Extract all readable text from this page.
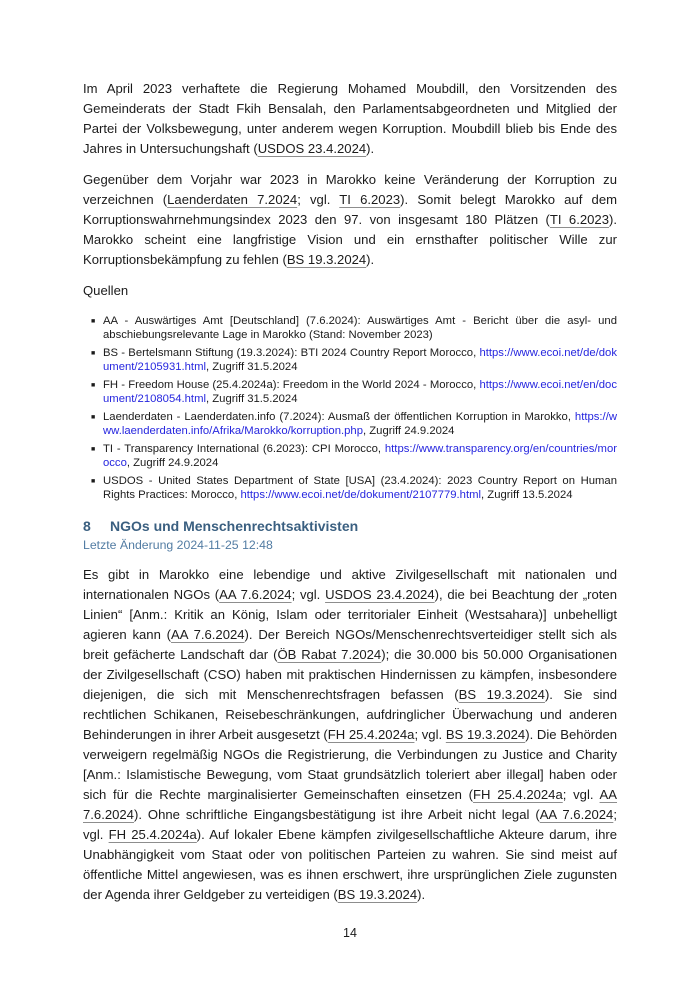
Im April 2023 verhaftete die Regierung Mohamed Moubdill, den Vorsitzenden des Gemeinderats der Stadt Fkih Bensalah, den Parlamentsabgeordneten und Mitglied der Partei der Volksbewegung, unter anderem wegen Korruption. Moubdill blieb bis Ende des Jahres in Untersuchungshaft (USDOS 23.4.2024).

Gegenüber dem Vorjahr war 2023 in Marokko keine Veränderung der Korruption zu verzeichnen (Laenderdaten 7.2024; vgl. TI 6.2023). Somit belegt Marokko auf dem Korruptionswahrnehmungsindex 2023 den 97. von insgesamt 180 Plätzen (TI 6.2023). Marokko scheint eine langfristige Vision und ein ernsthafter politischer Wille zur Korruptionsbekämpfung zu fehlen (BS 19.3.2024).

Quellen
■ AA - Auswärtiges Amt [Deutschland] (7.6.2024): Auswärtiges Amt - Bericht über die asyl- und abschiebungsrelevante Lage in Marokko (Stand: November 2023)
■ BS - Bertelsmann Stiftung (19.3.2024): BTI 2024 Country Report Morocco, https://www.ecoi.net/de/dokument/2105931.html, Zugriff 31.5.2024
■ FH - Freedom House (25.4.2024a): Freedom in the World 2024 - Morocco, https://www.ecoi.net/en/document/2108054.html, Zugriff 31.5.2024
■ Laenderdaten - Laenderdaten.info (7.2024): Ausmaß der öffentlichen Korruption in Marokko, https://www.laenderdaten.info/Afrika/Marokko/korruption.php, Zugriff 24.9.2024
■ TI - Transparency International (6.2023): CPI Morocco, https://www.transparency.org/en/countries/morocco, Zugriff 24.9.2024
■ USDOS - United States Department of State [USA] (23.4.2024): 2023 Country Report on Human Rights Practices: Morocco, https://www.ecoi.net/de/dokument/2107779.html, Zugriff 13.5.2024
8 NGOs und Menschenrechtsaktivisten
Letzte Änderung 2024-11-25 12:48

Es gibt in Marokko eine lebendige und aktive Zivilgesellschaft mit nationalen und internationalen NGOs (AA 7.6.2024; vgl. USDOS 23.4.2024), die bei Beachtung der „roten Linien“ [Anm.: Kritik an König, Islam oder territorialer Einheit (Westsahara)] unbehelligt agieren kann (AA 7.6.2024). Der Bereich NGOs/Menschenrechtsverteidiger stellt sich als breit gefächerte Landschaft dar (ÖB Rabat 7.2024); die 30.000 bis 50.000 Organisationen der Zivilgesellschaft (CSO) haben mit praktischen Hindernissen zu kämpfen, insbesondere diejenigen, die sich mit Menschenrechtsfragen befassen (BS 19.3.2024). Sie sind rechtlichen Schikanen, Reisebeschränkungen, aufdringlicher Überwachung und anderen Behinderungen in ihrer Arbeit ausgesetzt (FH 25.4.2024a; vgl. BS 19.3.2024). Die Behörden verweigern regelmäßig NGOs die Registrierung, die Verbindungen zu Justice and Charity [Anm.: Islamistische Bewegung, vom Staat grundsätzlich toleriert aber illegal] haben oder sich für die Rechte marginalisierter Gemeinschaften einsetzen (FH 25.4.2024a; vgl. AA 7.6.2024). Ohne schriftliche Eingangsbestätigung ist ihre Arbeit nicht legal (AA 7.6.2024; vgl. FH 25.4.2024a). Auf lokaler Ebene kämpfen zivilgesellschaftliche Akteure darum, ihre Unabhängigkeit vom Staat oder von politischen Parteien zu wahren. Sie sind meist auf öffentliche Mittel angewiesen, was es ihnen erschwert, ihre ursprünglichen Ziele zugunsten der Agenda ihrer Geldgeber zu verteidigen (BS 19.3.2024).

14
